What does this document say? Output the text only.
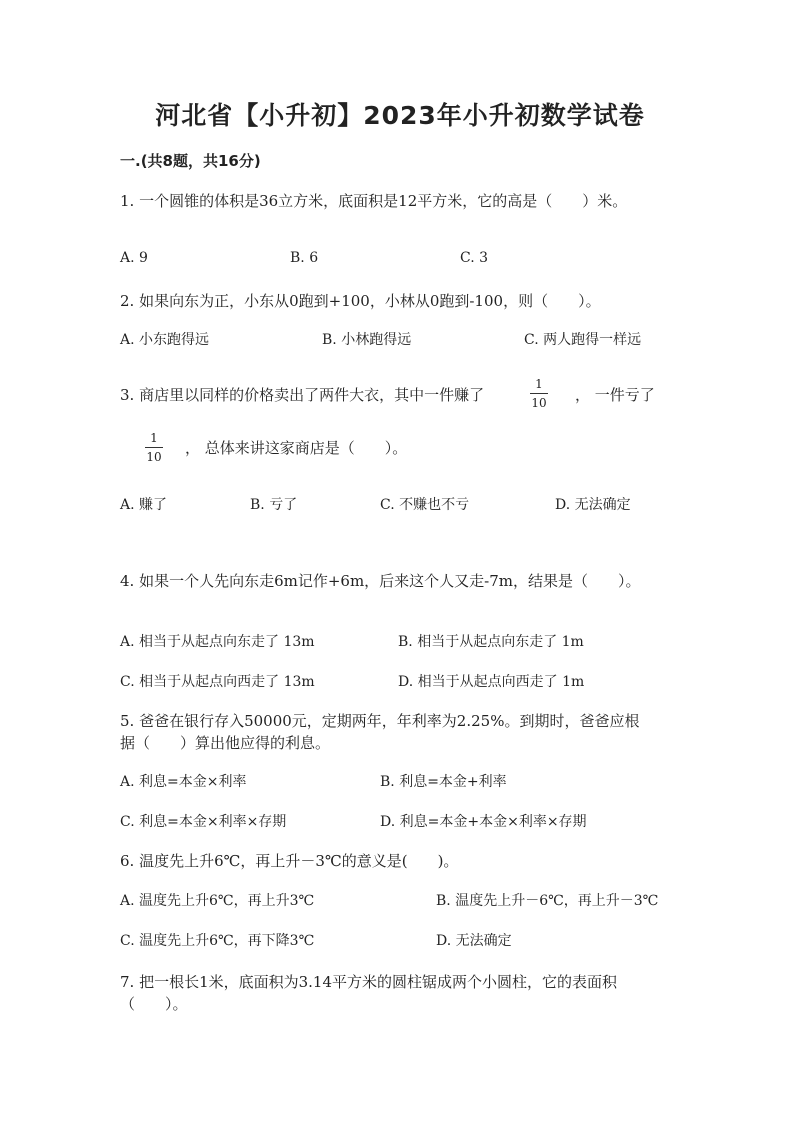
河北省【小升初】2023年小升初数学试卷
一.(共8题，共16分)
1. 一个圆锥的体积是36立方米，底面积是12平方米，它的高是（　　）米。
A. 9	B. 6	C. 3
2. 如果向东为正，小东从0跑到+100，小林从0跑到-100，则（　　）。
A. 小东跑得远	B. 小林跑得远	C. 两人跑得一样远
3. 商店里以同样的价格卖出了两件大衣，其中一件赚了
1
10 ， 一件亏了
1
10 ， 总体来讲这家商店是（　　）。
A. 赚了	B. 亏了	C. 不赚也不亏	D. 无法确定
4. 如果一个人先向东走6m记作+6m，后来这个人又走-7m，结果是（　　）。
A. 相当于从起点向东走了 13m	B. 相当于从起点向东走了 1m
C. 相当于从起点向西走了 13m	D. 相当于从起点向西走了 1m
5. 爸爸在银行存入50000元，定期两年，年利率为2.25%。到期时，爸爸应根
据（　　）算出他应得的利息。
A. 利息=本金×利率	B. 利息=本金+利率
C. 利息=本金×利率×存期	D. 利息=本金+本金×利率×存期
6. 温度先上升6℃，再上升－3℃的意义是(　　)。
A. 温度先上升6℃，再上升3℃	B. 温度先上升－6℃，再上升－3℃
C. 温度先上升6℃，再下降3℃	D. 无法确定
7. 把一根长1米，底面积为3.14平方米的圆柱锯成两个小圆柱，它的表面积
（　　）。
